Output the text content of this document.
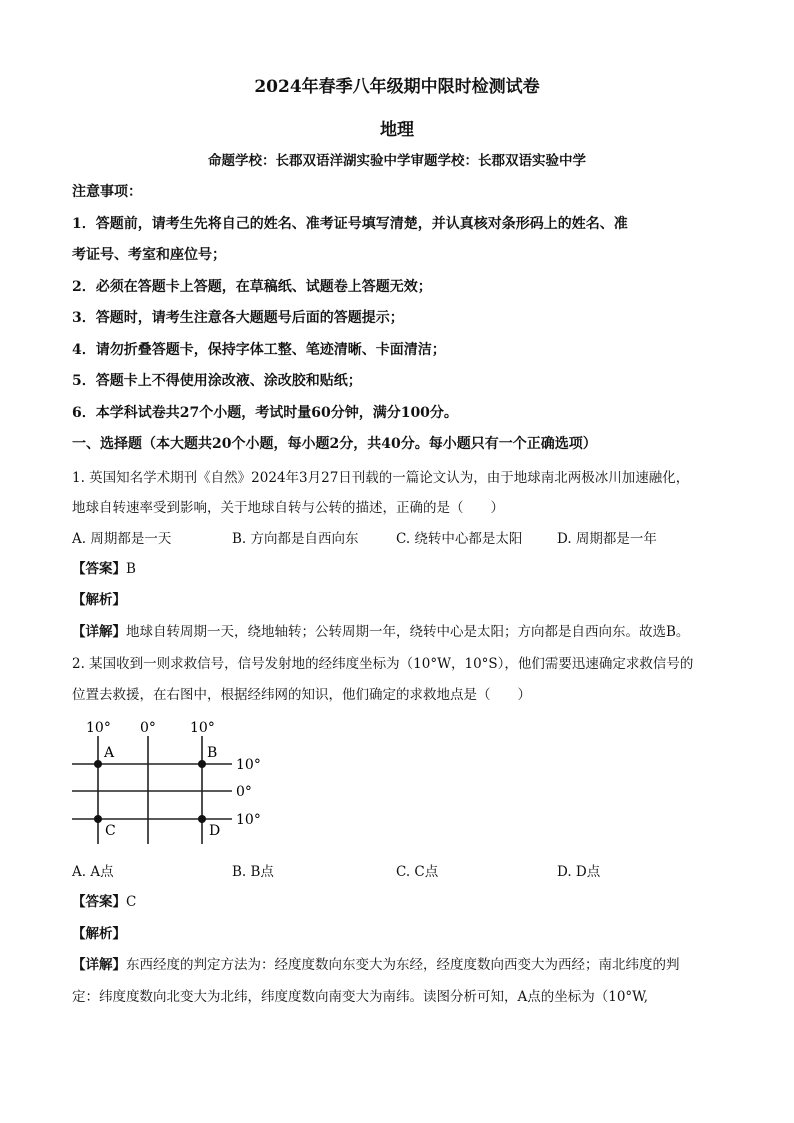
2024年春季八年级期中限时检测试卷
地理
命题学校：长郡双语洋湖实验中学审题学校：长郡双语实验中学
注意事项：
1．答题前，请考生先将自己的姓名、准考证号填写清楚，并认真核对条形码上的姓名、准
考证号、考室和座位号；
2．必须在答题卡上答题，在草稿纸、试题卷上答题无效；
3．答题时，请考生注意各大题题号后面的答题提示；
4．请勿折叠答题卡，保持字体工整、笔迹清晰、卡面清洁；
5．答题卡上不得使用涂改液、涂改胶和贴纸；
6．本学科试卷共27个小题，考试时量60分钟，满分100分。
一、选择题（本大题共20个小题，每小题2分，共40分。每小题只有一个正确选项）
1. 英国知名学术期刊《自然》2024年3月27日刊载的一篇论文认为，由于地球南北两极冰川加速融化，
地球自转速率受到影响，关于地球自转与公转的描述，正确的是（　　）
A. 周期都是一天	B. 方向都是自西向东	C. 绕转中心都是太阳	D. 周期都是一年
【答案】B
【解析】
【详解】地球自转周期一天，绕地轴转；公转周期一年，绕转中心是太阳；方向都是自西向东。故选B。
2. 某国收到一则求救信号，信号发射地的经纬度坐标为（10°W，10°S），他们需要迅速确定求救信号的
位置去救援，在右图中，根据经纬网的知识，他们确定的求救地点是（　　）
10° 0° 10°
10°
0°
10°
A	B
C	D
A. A点	B. B点	C. C点	D. D点
【答案】C
【解析】
【详解】东西经度的判定方法为：经度度数向东变大为东经，经度度数向西变大为西经；南北纬度的判
定：纬度度数向北变大为北纬，纬度度数向南变大为南纬。读图分析可知，A点的坐标为（10°W,
